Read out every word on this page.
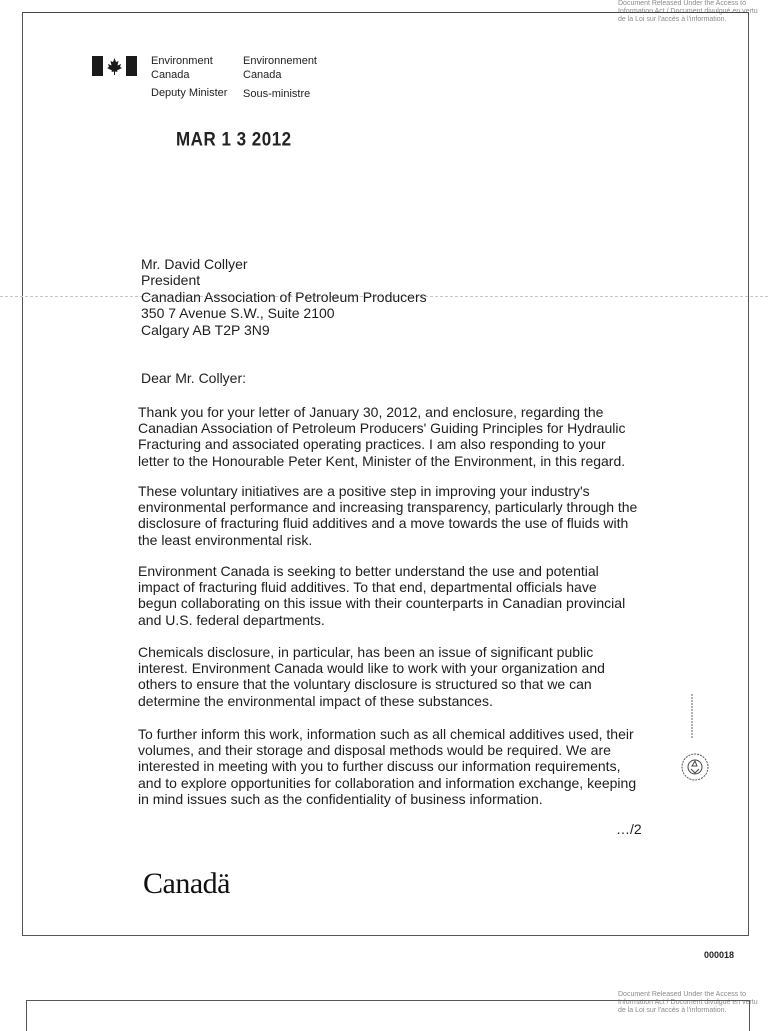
Document Released Under the Access to
Information Act / Document divulgué en vertu
de la Loi sur l'accès à l'information.
Environment
Canada
Environnement
Canada
Deputy Minister Sous-ministre
MAR 1 3 2012
Mr. David Collyer
President
Canadian Association of Petroleum Producers
350 7 Avenue S.W., Suite 2100
Calgary AB T2P 3N9
Dear Mr. Collyer:
Thank you for your letter of January 30, 2012, and enclosure, regarding the
Canadian Association of Petroleum Producers' Guiding Principles for Hydraulic
Fracturing and associated operating practices. I am also responding to your
letter to the Honourable Peter Kent, Minister of the Environment, in this regard.
These voluntary initiatives are a positive step in improving your industry's
environmental performance and increasing transparency, particularly through the
disclosure of fracturing fluid additives and a move towards the use of fluids with
the least environmental risk.
Environment Canada is seeking to better understand the use and potential
impact of fracturing fluid additives. To that end, departmental officials have
begun collaborating on this issue with their counterparts in Canadian provincial
and U.S. federal departments.
Chemicals disclosure, in particular, has been an issue of significant public
interest. Environment Canada would like to work with your organization and
others to ensure that the voluntary disclosure is structured so that we can
determine the environmental impact of these substances.
To further inform this work, information such as all chemical additives used, their
volumes, and their storage and disposal methods would be required. We are
interested in meeting with you to further discuss our information requirements,
and to explore opportunities for collaboration and information exchange, keeping
in mind issues such as the confidentiality of business information.
…/2
Canadä
000018
Document Released Under the Access to
Information Act / Document divulgué en vertu
de la Loi sur l'accès à l'information.
